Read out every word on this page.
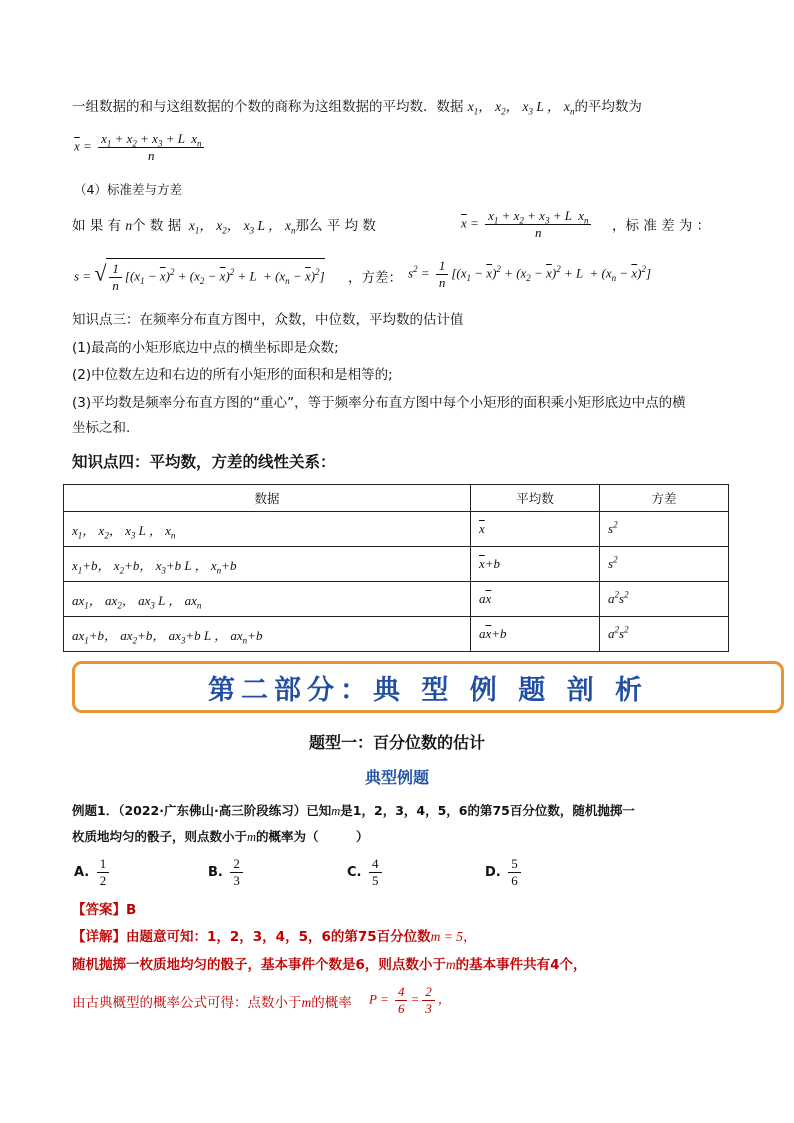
一组数据的和与这组数据的个数的商称为这组数据的平均数．数据 $x_1$， $x_2$， $x_3$ L ， $x_n$的平均数为
$\overline{x} = \frac{x_1 + x_2 + x_3 + L x_n}{n}$
（4）标准差与方差
如 果 有 n个 数 据  $x_1$， $x_2$， $x_3$ L ， $x_n$那么 平 均 数	$\overline{x} = \frac{x_1 + x_2 + x_3 + L x_n}{n}$ ，标 准 差 为 ：
s = √ $\frac{1}{n} [(x_1 - \overline{x})^2 + (x_2 - \overline{x})^2 + L + (x_n - \overline{x})^2]$ ，方差： $s^2 = \frac{1}{n} [(x_1 - \overline{x})^2 + (x_2 - \overline{x})^2 + L + (x_n - \overline{x})^2]$
知识点三：在频率分布直方图中，众数，中位数，平均数的估计值
(1)最高的小矩形底边中点的横坐标即是众数;
(2)中位数左边和右边的所有小矩形的面积和是相等的;
(3)平均数是频率分布直方图的“重心”，等于频率分布直方图中每个小矩形的面积乘小矩形底边中点的横
坐标之和.
知识点四：平均数，方差的线性关系：
数据	平均数	方差
$x_1$， $x_2$， $x_3$ L ， $x_n$	$\overline{x}$	$s^2$
$x_1+b$， $x_2+b$， $x_3+b$ L ， $x_n+b$	$\overline{x}+b$	$s^2$
$ax_1$， $ax_2$， $ax_3$ L ， $ax_n$	$a\overline{x}$	$a^2s^2$
$ax_1+b$， $ax_2+b$， $ax_3+b$ L ， $ax_n+b$	$a\overline{x}+b$	$a^2s^2$
第二部分：典 型 例 题 剖 析
题型一：百分位数的估计
典型例题
例题1．（2022·广东佛山·高三阶段练习）已知m是1，2，3，4，5，6的第75百分位数，随机抛掷一
枚质地均匀的骰子，则点数小于m的概率为（　　　）
A. $\frac{1}{2}$	B. $\frac{2}{3}$	C. $\frac{4}{5}$	D. $\frac{5}{6}$
【答案】B
【详解】由题意可知：1，2，3，4，5，6的第75百分位数m = 5，
随机抛掷一枚质地均匀的骰子，基本事件个数是6，则点数小于m的基本事件共有4个，
由古典概型的概率公式可得：点数小于m的概率 $P = \frac{4}{6} = \frac{2}{3}$ ，
